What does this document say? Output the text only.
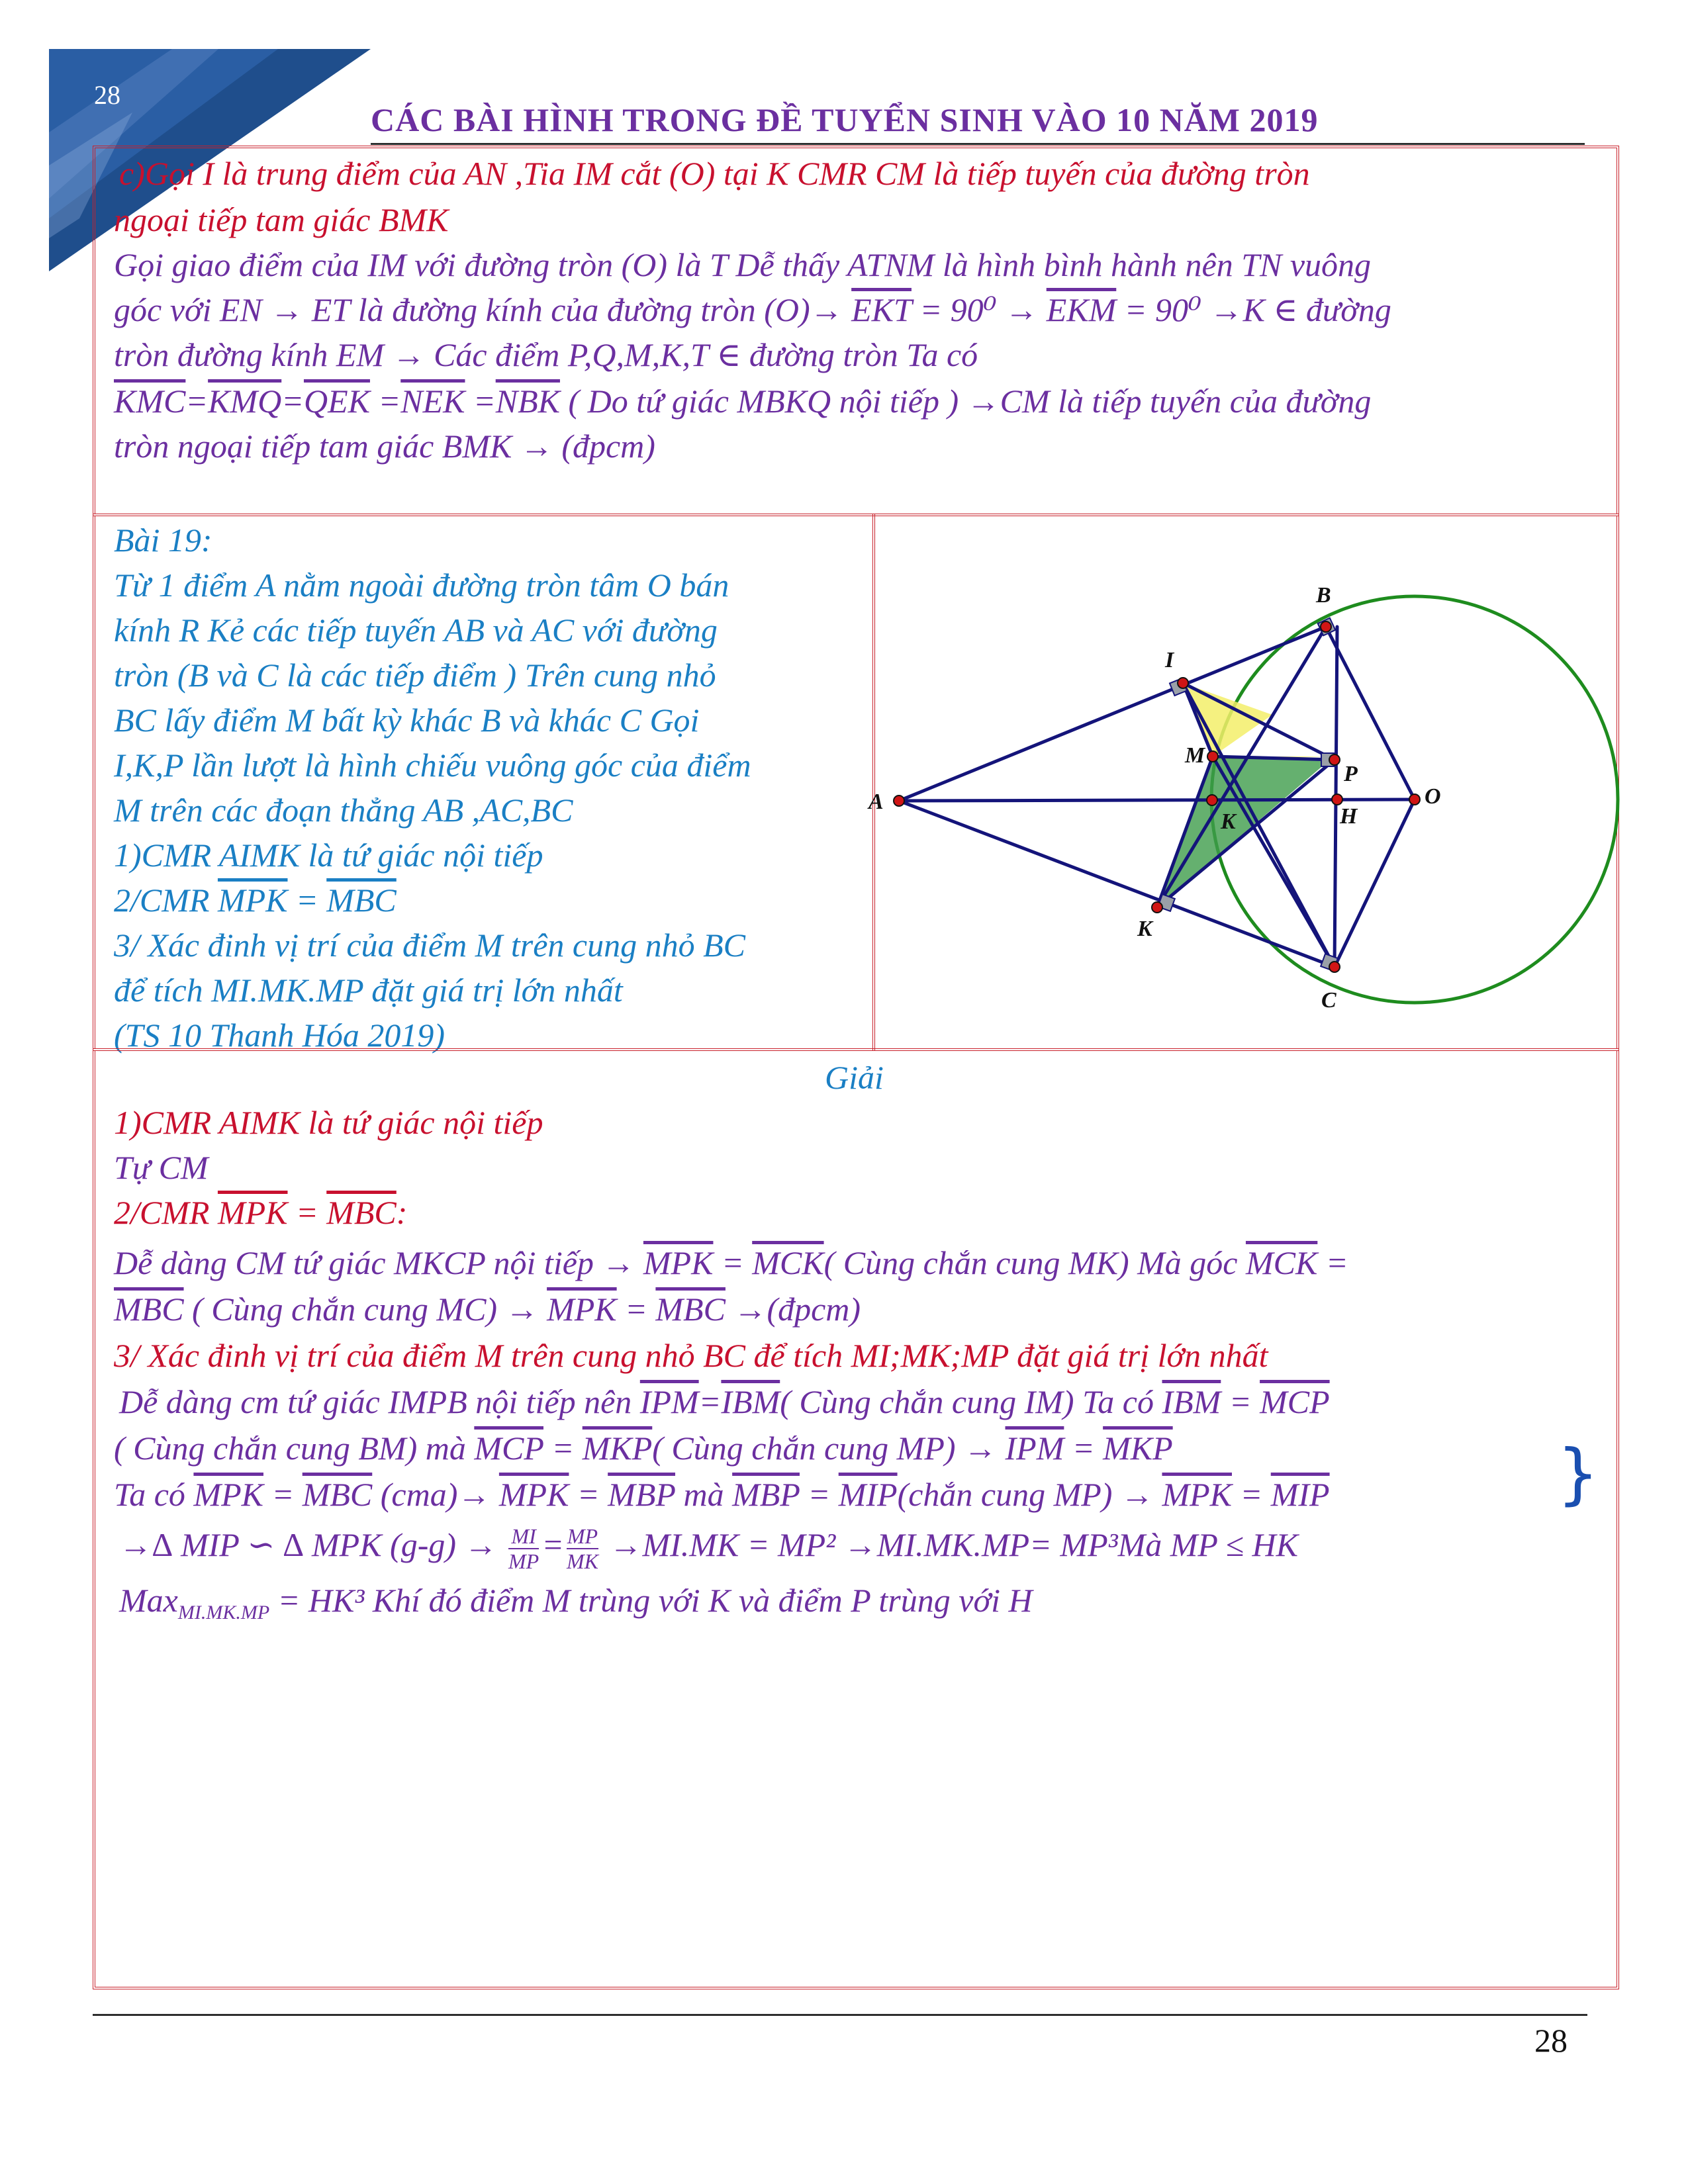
28
CÁC BÀI HÌNH TRONG ĐỀ TUYỂN SINH VÀO 10 NĂM 2019
c)Gọi I là trung điểm của AN ,Tia IM cắt (O) tại K CMR CM là tiếp tuyến của đường tròn
ngoại tiếp tam giác BMK
Gọi giao điểm của IM với đường tròn (O) là T Dễ thấy ATNM là hình bình hành nên TN vuông
góc với EN → ET là đường kính của đường tròn $(O)\to \overline{EKT} = 90^0 \to \overline{EKM} = 90^0 \to K$ ∈ đường
tròn đường kính EM → Các điểm P,Q,M,K,T ∈ đường tròn Ta có
$\overline{KMC}=\overline{KMQ}=\overline{QEK} =\overline{NEK} =\overline{NBK}$ ( Do tứ giác MBKQ nội tiếp ) →CM là tiếp tuyến của đường
tròn ngoại tiếp tam giác BMK → (đpcm)
Bài 19:
Từ 1 điểm A nằm ngoài đường tròn tâm O bán
kính R Kẻ các tiếp tuyến AB và AC với đường
tròn (B và C là các tiếp điểm ) Trên cung nhỏ
BC lấy điểm M bất kỳ khác B và khác C Gọi
I,K,P lần lượt là hình chiếu vuông góc của điểm
M trên các đoạn thẳng AB ,AC,BC
1)CMR AIMK là tứ giác nội tiếp
2/CMR $\overline{MPK} = \overline{MBC}$
3/ Xác đinh vị trí của điểm M trên cung nhỏ BC
để tích MI.MK.MP đặt giá trị lớn nhất
(TS 10 Thanh Hóa 2019)
A
B
C
O
I
M
P
H
K
K
Giải
1)CMR AIMK là tứ giác nội tiếp
Tự CM
2/CMR $\overline{MPK} = \overline{MBC}$:
Dễ dàng CM tứ giác MKCP nội tiếp → $\overline{MPK} = \overline{MCK}$( Cùng chắn cung MK) Mà góc $\overline{MCK}$ =
$\overline{MBC}$ ( Cùng chắn cung $MC) \to \overline{MPK} = \overline{MBC}$ →(đpcm)
3/ Xác đinh vị trí của điểm M trên cung nhỏ BC để tích MI;MK;MP đặt giá trị lớn nhất
Dễ dàng cm tứ giác IMPB nội tiếp nên $\overline{IPM}=\overline{IBM}$( Cùng chắn cung IM) Ta có $\overline{IBM} = \overline{MCP}$
( Cùng chắn cung BM) mà $\overline{MCP} = \overline{MKP}$( Cùng chắn cung $MP) \to \overline{IPM} = \overline{MKP}$
Ta có $\overline{MPK} = \overline{MBC}$ $(cma)\to \overline{MPK} = \overline{MBP}$ mà $\overline{MBP}$ = $\overline{MIP}(chắn$ cung $MP) \to \overline{MPK} = \overline{MIP}$	}
→∆ MIP ∽ ∆ MPK $(g-g) \to \frac{MI}{MP} = \frac{MP}{MK} \to MI.MK = MP^2 \to MI.MK.MP=$ MP³Mà MP ≤ HK
Max$_{MI.MK.MP}$ = HK³ Khí đó điểm M trùng với K và điểm P trùng với H
28
